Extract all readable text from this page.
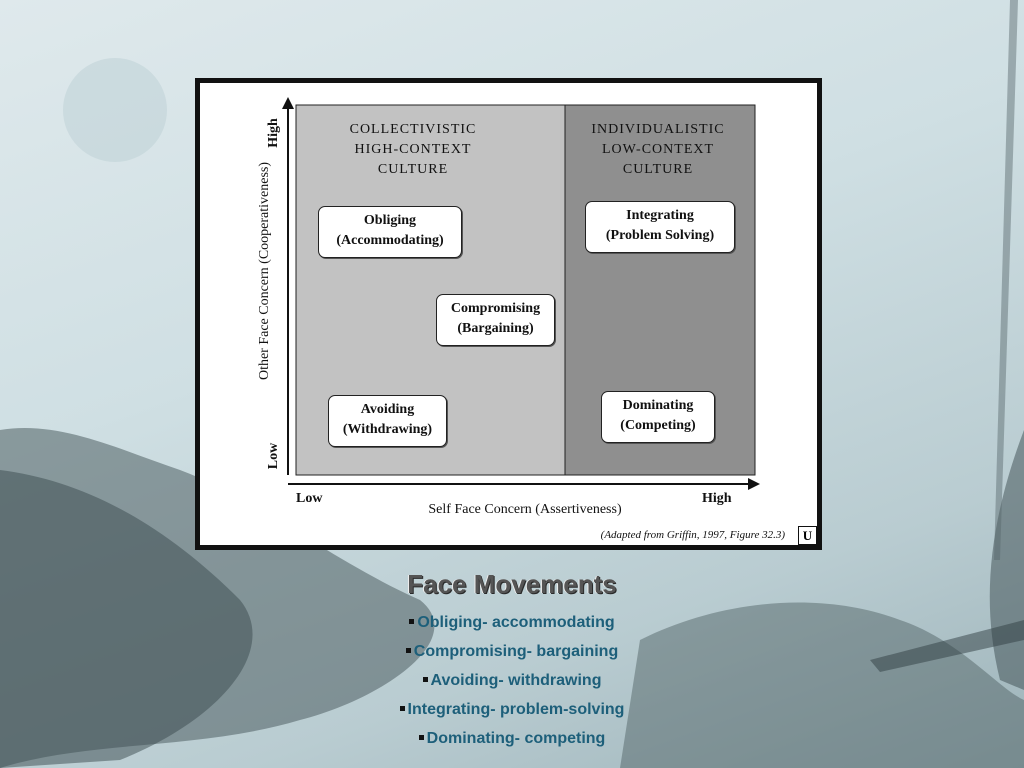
COLLECTIVISTIC
HIGH-CONTEXT
CULTURE
INDIVIDUALISTIC
LOW-CONTEXT
CULTURE
Obliging
(Accommodating)
Compromising
(Bargaining)
Avoiding
(Withdrawing)
Integrating
(Problem Solving)
Dominating
(Competing)
Other Face Concern (Cooperativeness)
High
Low
Low
Self Face Concern (Assertiveness)
High
(Adapted from Griffin, 1997, Figure 32.3)	U
Face Movements
Obliging- accommodating
Compromising- bargaining
Avoiding- withdrawing
Integrating- problem-solving
Dominating- competing
